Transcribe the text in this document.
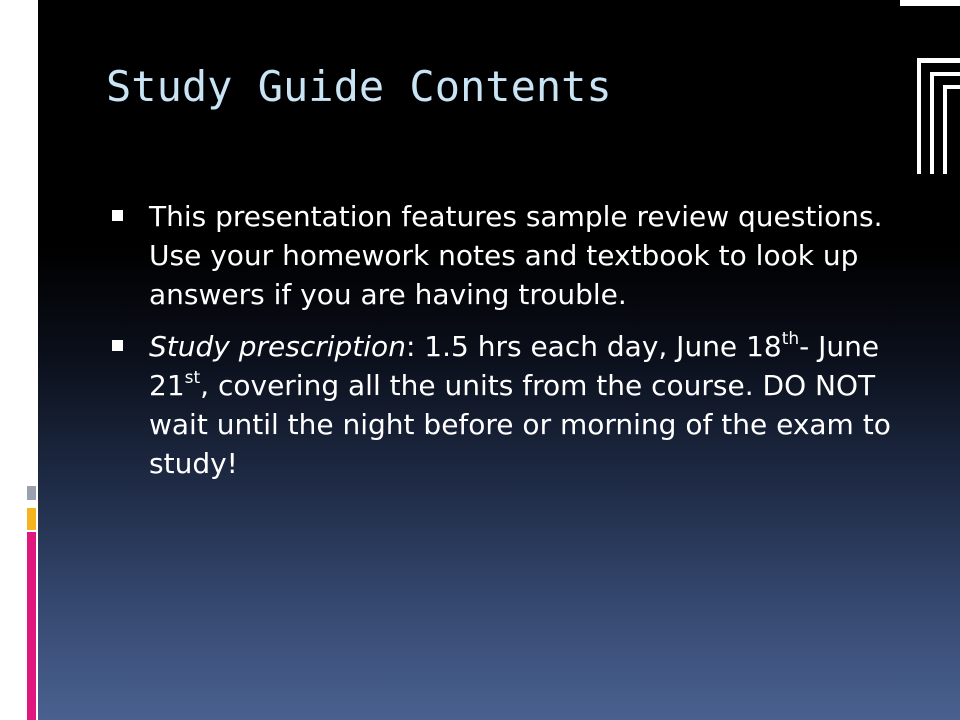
Study Guide Contents
This presentation features sample review questions. Use your homework notes and textbook to look up answers if you are having trouble.
Study prescription: 1.5 hrs each day, June 18th- June 21st, covering all the units from the course. DO NOT wait until the night before or morning of the exam to study!
